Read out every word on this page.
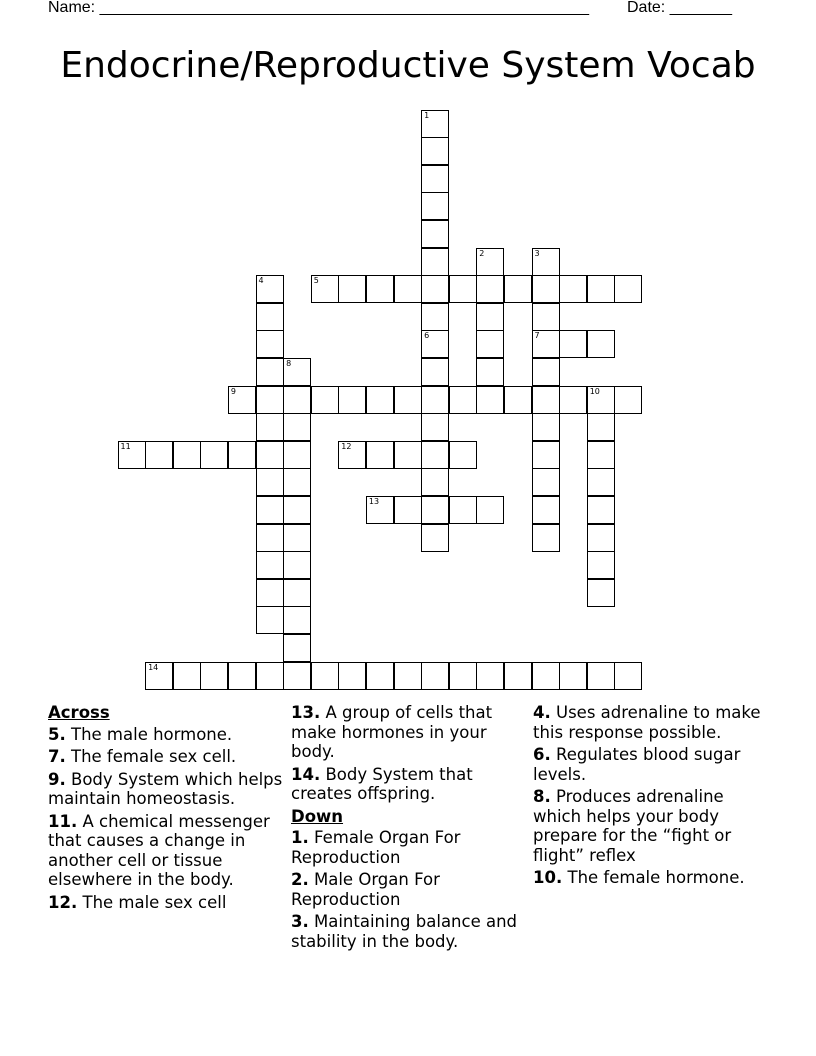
Name: _______________________________________________________ Date: _______
Endocrine/Reproductive System Vocab
1
6
2	3
7
4	5
8
9	10
11	12
13
14
Across
5. The male hormone.
7. The female sex cell.
9. Body System which helps maintain homeostasis.
11. A chemical messenger that causes a change in another cell or tissue elsewhere in the body.
12. The male sex cell
13. A group of cells that make hormones in your body.
14. Body System that creates offspring.
Down
1. Female Organ For Reproduction
2. Male Organ For Reproduction
3. Maintaining balance and stability in the body.
4. Uses adrenaline to make this response possible.
6. Regulates blood sugar levels.
8. Produces adrenaline which helps your body prepare for the “fight or flight” reflex
10. The female hormone.
